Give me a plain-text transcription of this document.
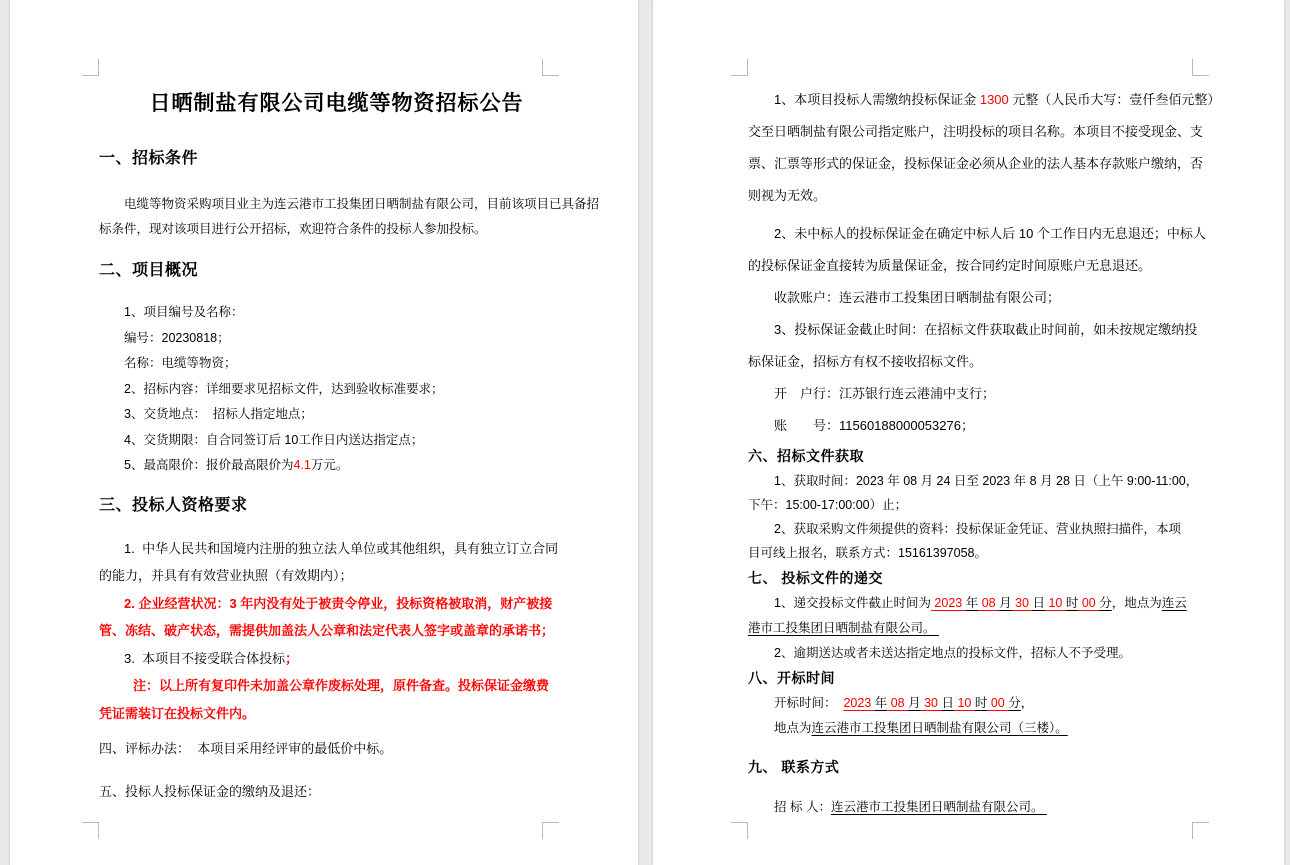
日晒制盐有限公司电缆等物资招标公告
一、招标条件
电缆等物资采购项目业主为连云港市工投集团日晒制盐有限公司，目前该项目已具备招
标条件，现对该项目进行公开招标，欢迎符合条件的投标人参加投标。
二、项目概况
1、项目编号及名称：
编号：20230818；
名称：电缆等物资；
2、招标内容：详细要求见招标文件，达到验收标准要求；
3、交货地点：  招标人指定地点；
4、交货期限：自合同签订后 10工作日内送达指定点；
5、最高限价：报价最高限价为4.1万元。
三、投标人资格要求
1.  中华人民共和国境内注册的独立法人单位或其他组织，具有独立订立合同
的能力，并具有有效营业执照（有效期内）；
2. 企业经营状况：3 年内没有处于被责令停业，投标资格被取消，财产被接
管、冻结、破产状态，需提供加盖法人公章和法定代表人签字或盖章的承诺书；
3.  本项目不接受联合体投标；
注：以上所有复印件未加盖公章作废标处理，原件备查。投标保证金缴费
凭证需装订在投标文件内。
四、评标办法：  本项目采用经评审的最低价中标。
五、投标人投标保证金的缴纳及退还：
1、本项目投标人需缴纳投标保证金 1300 元整（人民币大写：壹仟叁佰元整）
交至日晒制盐有限公司指定账户，注明投标的项目名称。本项目不接受现金、支
票、汇票等形式的保证金，投标保证金必须从企业的法人基本存款账户缴纳，否
则视为无效。
2、未中标人的投标保证金在确定中标人后 10 个工作日内无息退还；中标人
的投标保证金直接转为质量保证金，按合同约定时间原账户无息退还。
收款账户：连云港市工投集团日晒制盐有限公司；
3、投标保证金截止时间：在招标文件获取截止时间前，如未按规定缴纳投
标保证金，招标方有权不接收招标文件。
开　户行：江苏银行连云港浦中支行；
账　　号：11560188000053276；
六、招标文件获取
1、获取时间：2023 年 08 月 24 日至 2023 年 8 月 28 日（上午 9:00-11:00，
下午：15:00-17:00:00）止；
2、获取采购文件须提供的资料：投标保证金凭证、营业执照扫描件，本项
目可线上报名，联系方式：15161397058。
七、 投标文件的递交
1、递交投标文件截止时间为 2023 年 08 月 30 日 10 时 00 分，地点为连云
港市工投集团日晒制盐有限公司。
2、逾期送达或者未送达指定地点的投标文件，招标人不予受理。
八、开标时间
开标时间：  2023 年 08 月 30 日 10 时 00 分，
地点为连云港市工投集团日晒制盐有限公司（三楼）。
九、 联系方式
招 标 人：连云港市工投集团日晒制盐有限公司。
